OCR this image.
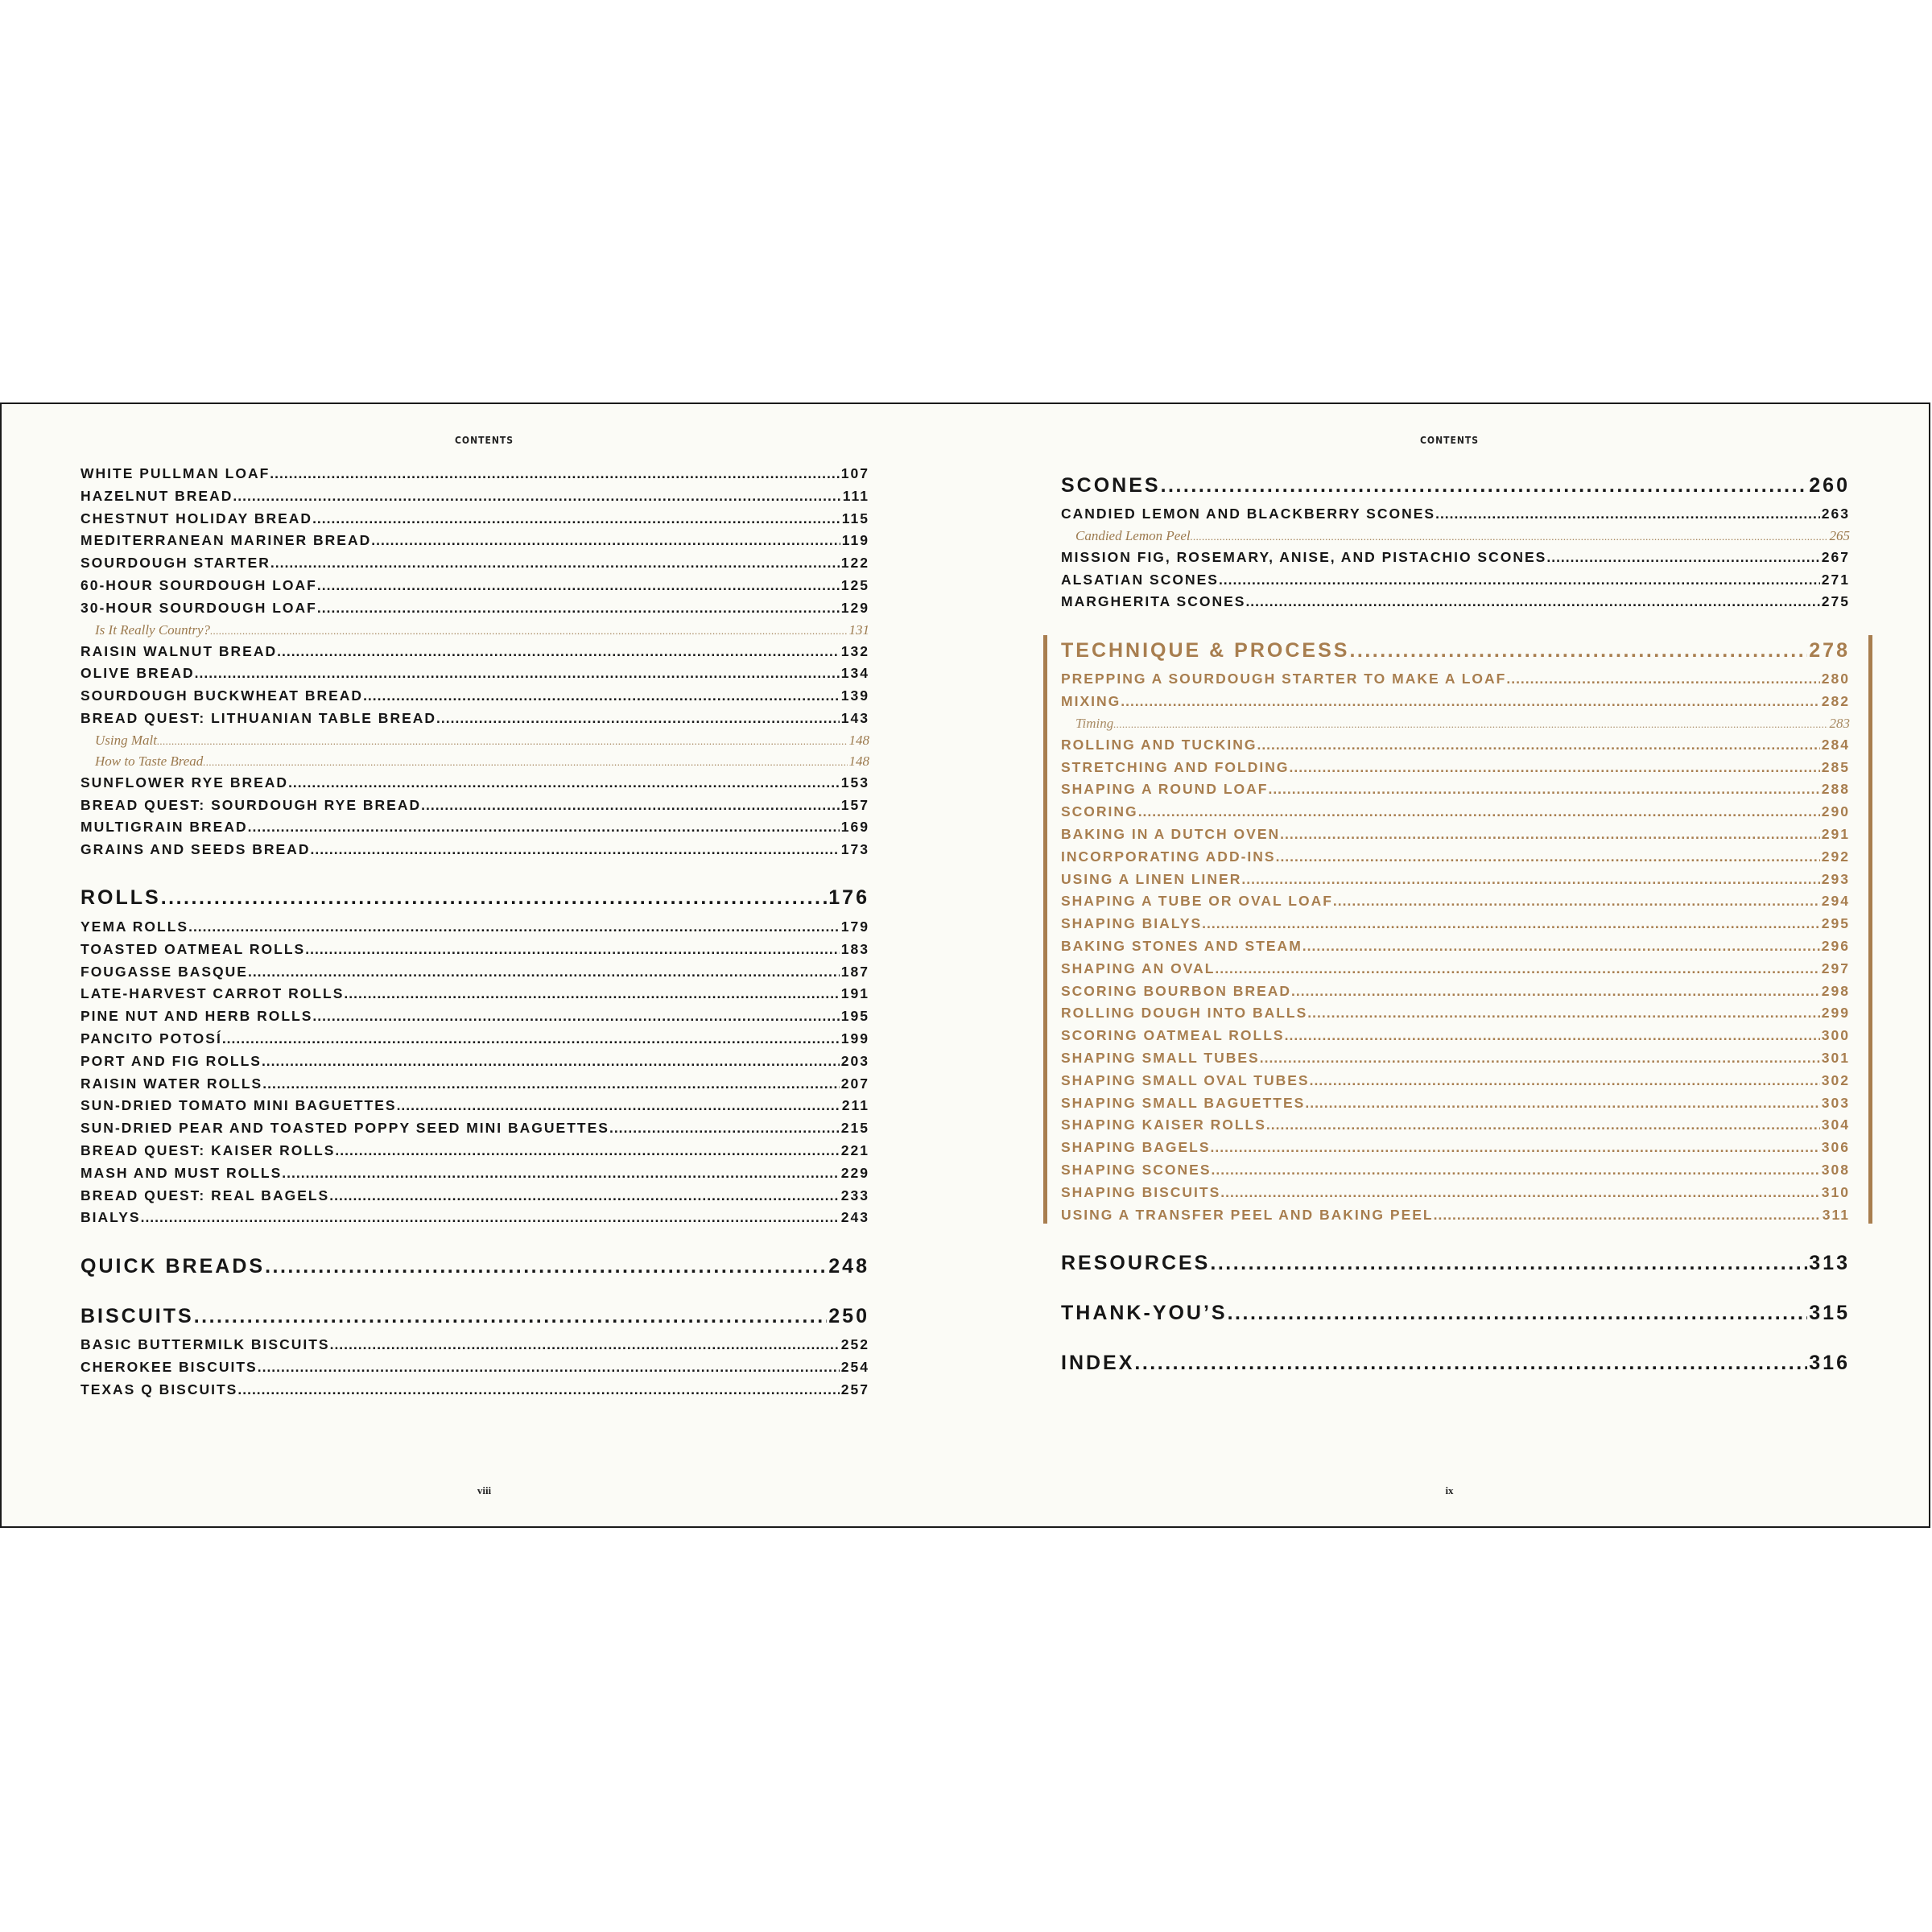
CONTENTS
WHITE PULLMAN LOAF .....	107
HAZELNUT BREAD .....	111
CHESTNUT HOLIDAY BREAD .....	115
MEDITERRANEAN MARINER BREAD .....	119
SOURDOUGH STARTER .....	122
60-HOUR SOURDOUGH LOAF .....	125
30-HOUR SOURDOUGH LOAF .....	129
Is It Really Country? .....	131
RAISIN WALNUT BREAD .....	132
OLIVE BREAD .....	134
SOURDOUGH BUCKWHEAT BREAD .....	139
BREAD QUEST: LITHUANIAN TABLE BREAD .....	143
Using Malt .....	148
How to Taste Bread .....	148
SUNFLOWER RYE BREAD .....	153
BREAD QUEST: SOURDOUGH RYE BREAD .....	157
MULTIGRAIN BREAD .....	169
GRAINS AND SEEDS BREAD .....	173
ROLLS .....	176
YEMA ROLLS .....	179
TOASTED OATMEAL ROLLS .....	183
FOUGASSE BASQUE .....	187
LATE-HARVEST CARROT ROLLS .....	191
PINE NUT AND HERB ROLLS .....	195
PANCITO POTOSÍ .....	199
PORT AND FIG ROLLS .....	203
RAISIN WATER ROLLS .....	207
SUN-DRIED TOMATO MINI BAGUETTES .....	211
SUN-DRIED PEAR AND TOASTED POPPY SEED MINI BAGUETTES .....	215
BREAD QUEST: KAISER ROLLS .....	221
MASH AND MUST ROLLS .....	229
BREAD QUEST: REAL BAGELS .....	233
BIALYS .....	243
QUICK BREADS .....	248
BISCUITS .....	250
BASIC BUTTERMILK BISCUITS .....	252
CHEROKEE BISCUITS .....	254
TEXAS Q BISCUITS .....	257
viii
CONTENTS
SCONES .....	260
CANDIED LEMON AND BLACKBERRY SCONES .....	263
Candied Lemon Peel .....	265
MISSION FIG, ROSEMARY, ANISE, AND PISTACHIO SCONES .....	267
ALSATIAN SCONES .....	271
MARGHERITA SCONES .....	275
TECHNIQUE & PROCESS .....	278
PREPPING A SOURDOUGH STARTER TO MAKE A LOAF .....	280
MIXING .....	282
Timing .....	283
ROLLING AND TUCKING .....	284
STRETCHING AND FOLDING .....	285
SHAPING A ROUND LOAF .....	288
SCORING .....	290
BAKING IN A DUTCH OVEN .....	291
INCORPORATING ADD-INS .....	292
USING A LINEN LINER .....	293
SHAPING A TUBE OR OVAL LOAF .....	294
SHAPING BIALYS .....	295
BAKING STONES AND STEAM .....	296
SHAPING AN OVAL .....	297
SCORING BOURBON BREAD .....	298
ROLLING DOUGH INTO BALLS .....	299
SCORING OATMEAL ROLLS .....	300
SHAPING SMALL TUBES .....	301
SHAPING SMALL OVAL TUBES .....	302
SHAPING SMALL BAGUETTES .....	303
SHAPING KAISER ROLLS .....	304
SHAPING BAGELS .....	306
SHAPING SCONES .....	308
SHAPING BISCUITS .....	310
USING A TRANSFER PEEL AND BAKING PEEL .....	311
RESOURCES .....	313
THANK-YOU’S .....	315
INDEX .....	316
ix
